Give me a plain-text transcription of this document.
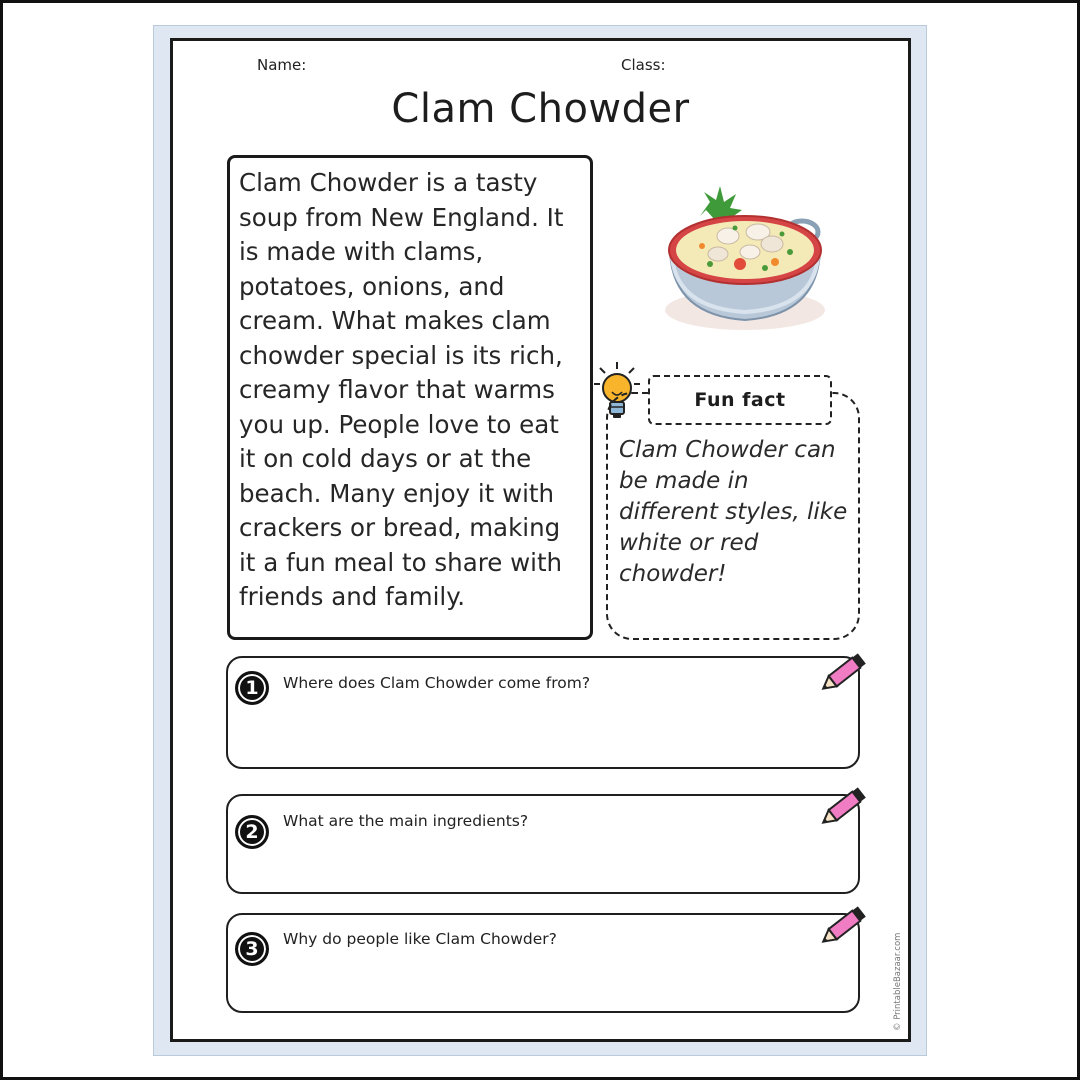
Name:	Class:
Clam Chowder

Clam Chowder is a tasty soup from New England. It is made with clams, potatoes, onions, and cream. What makes clam chowder special is its rich, creamy flavor that warms you up. People love to eat it on cold days or at the beach. Many enjoy it with crackers or bread, making it a fun meal to share with friends and family.

Fun fact

Clam Chowder can be made in different styles, like white or red chowder!

1	Where does Clam Chowder come from?
2	What are the main ingredients?
3	Why do people like Clam Chowder?	© PrintableBazaar.com
